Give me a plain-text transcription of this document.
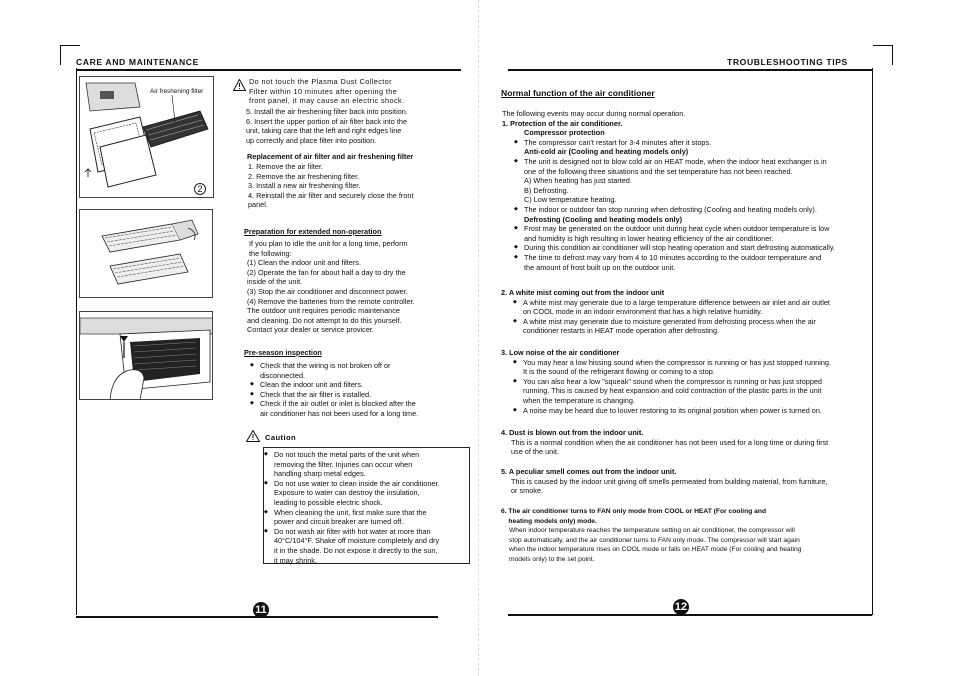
CARE AND MAINTENANCE
Air freshening filter
2
Do not touch the Plasma Dust Collector
Filter within 10 minutes after opening the
front panel, it may cause an electric shock.
5. Install the air freshening filter back into position.
6. Insert the upper portion of air filter back into the
unit, taking care that the left and right edges line
up correctly and place filter into position.
Replacement of air filter and air freshening filter
1. Remove the air filter.
2. Remove the air freshening filter.
3. Install a new air freshening filter.
4. Reinstall the air filter and securely close the front
panel.
Preparation for extended non-operation
If you plan to idle the unit for a long time, perform
the following:
(1) Clean the indoor unit and filters.
(2) Operate the fan for about half a day to dry the
inside of the unit.
(3) Stop the air conditioner and disconnect power.
(4) Remove the batteries from the remote controller.
The outdoor unit requires periodic maintenance
and cleaning. Do not attempt to do this yourself.
Contact your dealer or service provicer.
Pre-season inspection
◆ Check that the wiring is not broken off or
disconnected.
◆ Clean the indoor unit and filters.
◆ Check that the air filter is installed.
◆ Check if the air outlet or inlet is blocked after the
air conditioner has not been used for a long time.
Caution
◆ Do not touch the metal parts of the unit when
removing the filter. Injuries can occur when
handling sharp metal edges.
◆ Do not use water to clean inside the air conditioner.
Exposure to water can destroy the insulation,
leading to possible electric shock.
◆ When cleaning the unit, first make sure that the
power and circuit breaker are turned off.
◆ Do not wash air filter with hot water at more than
40°C/104°F. Shake off moisture completely and dry
it in the shade. Do not expose it directly to the sun,
it may shrink.
11
TROUBLESHOOTING TIPS
Normal function of the air conditioner
The following events may occur during normal operation.
1. Protection of the air conditioner.
Compressor protection
◆ The compressor can't restart for 3-4 minutes after it stops.
Anti-cold air (Cooling and heating models only)
◆ The unit is designed not to blow cold air on HEAT mode, when the indoor heat exchanger is in
one of the following three situations and the set temperature has not been reached.
A) When heating has just started.
B) Defrosting.
C) Low temperature heating.
◆ The indoor or outdoor fan stop running when defrosting (Cooling and heating models only).
Defrosting (Cooling and heating models only)
◆ Frost may be generated on the outdoor unit during heat cycle when outdoor temperature is low
and humidity is high resulting in lower heating efficiency of the air conditioner.
◆ During this condition air conditioner will stop heating operation and start defrosting automatically.
◆ The time to defrost may vary from 4 to 10 minutes according to the outdoor temperature and
the amount of frost built up on the outdoor unit.
2. A white mist coming out from the indoor unit
◆ A white mist may generate due to a large temperature difference between air inlet and air outlet
on COOL mode in an indoor environment that has a high relative humidity.
◆ A white mist may generate due to moisture generated from defrosting process when the air
conditioner restarts in HEAT mode operation after defrosting.
3. Low noise of the air conditioner
◆ You may hear a low hissing sound when the compressor is running or has just stopped running.
It is the sound of the refrigerant flowing or coming to a stop.
◆ You can also hear a low "squeak" sound when the compressor is running or has just stopped
running. This is caused by heat expansion and cold contraction of the plastic parts in the unit
when the temperature is changing.
◆ A noise may be heard due to louver restoring to its original position when power is turned on.
4. Dust is blown out from the indoor unit.
This is a normal condition when the air conditioner has not been used for a long time or during first
use of the unit.
5. A peculiar smell comes out from the indoor unit.
This is caused by the indoor unit giving off smells permeated from building material, from furniture,
or smoke.
6. The air conditioner turns to FAN only mode from COOL or HEAT (For cooling and
heating models only) mode.
When indoor temperature reaches the temperature setting on air conditioner, the compressor will
stop automatically, and the air conditioner turns to FAN only mode. The compressor will start again
when the indoor temperature rises on COOL mode or falls on HEAT mode (For cooling and heating
models only) to the set point.
12
